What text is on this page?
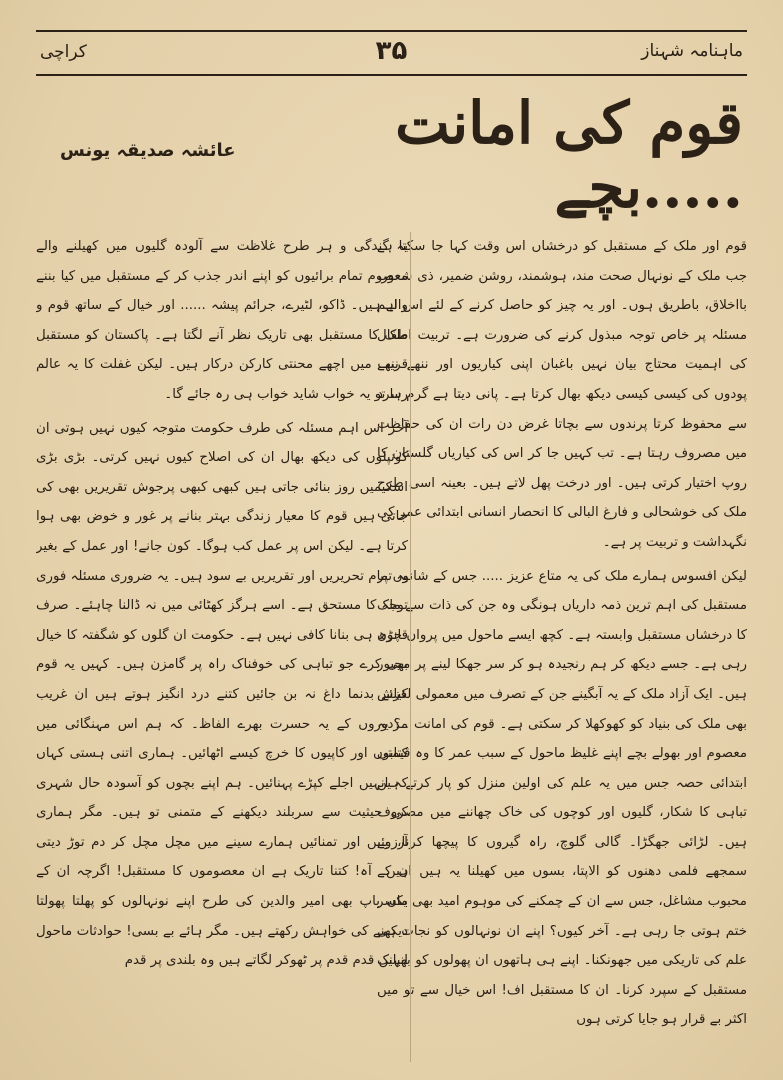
ماہنامہ شہناز
۳۵
کراچی
قوم کی امانت .....بچے
عائشہ صدیقہ یونس

قوم اور ملک کے مستقبل کو درخشاں اس وقت کہا جا سکتا ہے جب ملک کے نونہال صحت مند، ہوشمند، روشن ضمیر، ذی شعور، بااخلاق، باطریق ہوں۔ اور یہ چیز کو حاصل کرنے کے لئے اس اہم مسئلہ پر خاص توجہ مبذول کرنے کی ضرورت ہے۔ تربیت اطفال کی اہمیت محتاج بیان نہیں باغبان اپنی کیاریوں اور ننھے ننھے پودوں کی کیسی کیسی دیکھ بھال کرتا ہے۔ پانی دیتا ہے گرم سرد سے محفوظ کرتا پرندوں سے بچاتا غرض دن رات ان کی حفاظت میں مصروف رہتا ہے۔ تب کہیں جا کر اس کی کیاریاں گلستان کا روپ اختیار کرتی ہیں۔ اور درخت پھل لاتے ہیں۔ بعینہ اسی طرح ملک کی خوشحالی و فارغ البالی کا انحصار انسانی ابتدائی عمر کی نگہداشت و تربیت پر ہے۔

لیکن افسوس ہمارے ملک کی یہ متاع عزیز ..... جس کے شانوں پر مستقبل کی اہم ترین ذمہ داریاں ہونگی وہ جن کی ذات سے ملک کا درخشاں مستقبل وابستہ ہے۔ کچھ ایسے ماحول میں پروان چڑھ رہی ہے۔ جسے دیکھ کر ہم رنجیدہ ہو کر سر جھکا لینے پر مجبور ہیں۔ ایک آزاد ملک کے یہ آبگینے جن کے تصرف میں معمولی لغزش بھی ملک کی بنیاد کو کھوکھلا کر سکتی ہے۔ قوم کی امانت ..؟ یہ معصوم اور بھولے بچے اپنے غلیظ ماحول کے سبب عمر کا وہ قیمتی ابتدائی حصہ جس میں یہ علم کی اولین منزل کو پار کرتے ہیں تباہی کا شکار، گلیوں اور کوچوں کی خاک چھاننے میں مصروف ہیں۔ لڑائی جھگڑا۔ گالی گلوچ، راہ گیروں کا پیچھا کرنا، بے سمجھے فلمی دھنوں کو الاپتا، بسوں میں کھیلنا یہ ہیں ان کے محبوب مشاغل، جس سے ان کے چمکنے کی موہوم امید بھی یکسر ختم ہوتی جا رہی ہے۔ آخر کیوں؟ اپنے ان نونہالوں کو نجات ہی علم کی تاریکی میں جھونکنا۔ اپنے ہی ہاتھوں ان پھولوں کو بھیانک مستقبل کے سپرد کرنا۔ ان کا مستقبل اف! اس خیال سے تو میں اکثر بے قرار ہو جایا کرتی ہوں

یہ گندگی و ہر طرح غلاظت سے آلودہ گلیوں میں کھیلنے والے معصوم تمام برائیوں کو اپنے اندر جذب کر کے مستقبل میں کیا بننے والے ہیں۔ ڈاکو، لٹیرے، جرائم پیشہ ...... اور خیال کے ساتھ قوم و ملک کا مستقبل بھی تاریک نظر آنے لگتا ہے۔ پاکستان کو مستقبل قریب میں اچھے محنتی کارکن درکار ہیں۔ لیکن غفلت کا یہ عالم رہا تو یہ خواب شاید خواب ہی رہ جائے گا۔

آخر اس اہم مسئلہ کی طرف حکومت متوجہ کیوں نہیں ہوتی ان کونپلوں کی دیکھ بھال ان کی اصلاح کیوں نہیں کرتی۔ بڑی بڑی اسکیمیں روز بنائی جاتی ہیں کبھی کبھی پرجوش تقریریں بھی کی جاتی ہیں قوم کا معیار زندگی بہتر بنانے پر غور و خوض بھی ہوا کرتا ہے۔ لیکن اس پر عمل کب ہوگا۔ کون جانے! اور عمل کے بغیر یہ تمام تحریریں اور تقریریں بے سود ہیں۔ یہ ضروری مسئلہ فوری توجہ کا مستحق ہے۔ اسے ہرگز کھٹائی میں نہ ڈالنا چاہئے۔ صرف قانون ہی بنانا کافی نہیں ہے۔ حکومت ان گلوں کو شگفتہ کا خیال بھی کرے جو تباہی کی خوفناک راہ پر گامزن ہیں۔ کہیں یہ قوم کیلئے بدنما داغ نہ بن جائیں کتنے درد انگیز ہوتے ہیں ان غریب مزدوروں کے یہ حسرت بھرے الفاظ۔ کہ ہم اس مہنگائی میں کتابوں اور کاپیوں کا خرچ کیسے اٹھائیں۔ ہماری اتنی ہستی کہاں کہ انہیں اجلے کپڑے پہنائیں۔ ہم اپنے بچوں کو آسودہ حال شہری کی حیثیت سے سربلند دیکھنے کے متمنی تو ہیں۔ مگر ہماری آرزوئیں اور تمنائیں ہمارے سینے میں مچل مچل کر دم توڑ دیتی ہیں۔ آہ! کتنا تاریک ہے ان معصوموں کا مستقبل! اگرچہ ان کے ماں باپ بھی امیر والدین کی طرح اپنے نونہالوں کو پھلتا پھولتا دیکھنے کی خواہش رکھتے ہیں۔ مگر ہائے بے بسی! حوادثات ماحول انہیں قدم قدم پر ٹھوکر لگاتے ہیں وہ بلندی پر قدم
